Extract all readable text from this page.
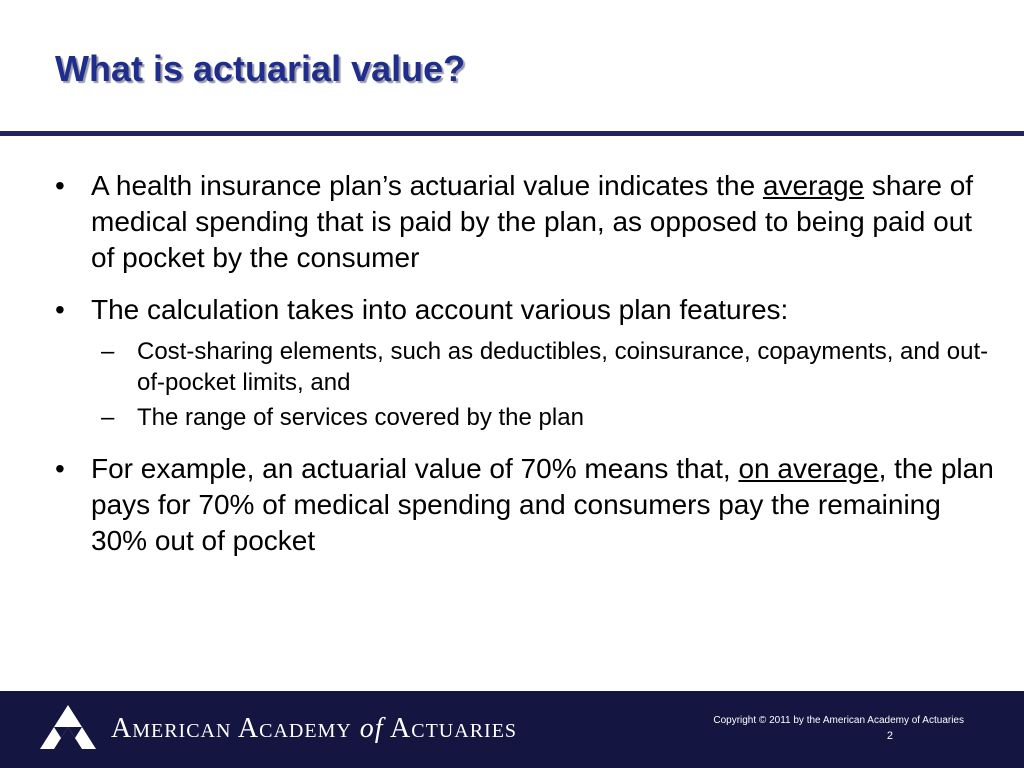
What is actuarial value?
• A health insurance plan’s actuarial value indicates the average share of medical spending that is paid by the plan, as opposed to being paid out of pocket by the consumer
• The calculation takes into account various plan features:
– Cost-sharing elements, such as deductibles, coinsurance, copayments, and out-of-pocket limits, and
– The range of services covered by the plan
• For example, an actuarial value of 70% means that, on average, the plan pays for 70% of medical spending and consumers pay the remaining 30% out of pocket
American Academy of Actuaries	Copyright © 2011 by the American Academy of Actuaries
2
